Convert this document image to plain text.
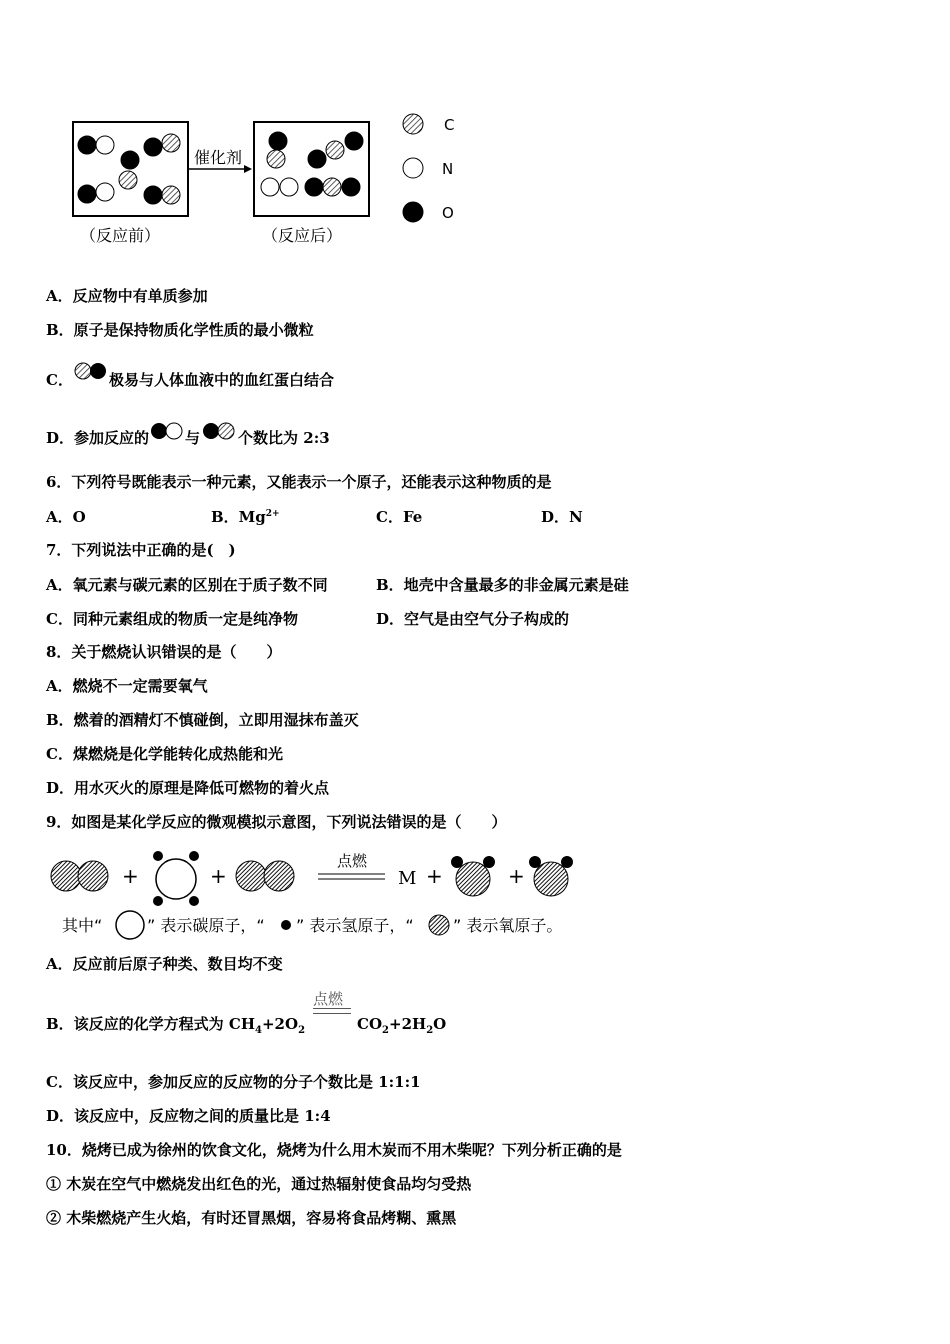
催化剂
（反应前）	（反应后）
C
N
O
A．反应物中有单质参加
B．原子是保持物质化学性质的最小微粒
C． 极易与人体血液中的血红蛋白结合
D．参加反应的 与	个数比为 2:3
6．下列符号既能表示一种元素，又能表示一个原子，还能表示这种物质的是
A．O	B．$Mg^{2+}$	C．Fe	D．N
7．下列说法中正确的是(　)
A．氧元素与碳元素的区别在于质子数不同	B．地壳中含量最多的非金属元素是硅
C．同种元素组成的物质一定是纯净物	D．空气是由空气分子构成的
8．关于燃烧认识错误的是（　　）
A．燃烧不一定需要氧气
B．燃着的酒精灯不慎碰倒，立即用湿抹布盖灭
C．煤燃烧是化学能转化成热能和光
D．用水灭火的原理是降低可燃物的着火点
9．如图是某化学反应的微观模拟示意图，下列说法错误的是（　　）
+	+
点燃
M +	+
其中“	” 表示碳原子，“ ” 表示氢原子，“ ” 表示氧原子。
A．反应前后原子种类、数目均不变
B．该反应的化学方程式为 $CH_4+2O_2$	$CO_2+2H_2O$
点燃
C．该反应中，参加反应的反应物的分子个数比是 1:1:1
D．该反应中，反应物之间的质量比是 1:4
10．烧烤已成为徐州的饮食文化，烧烤为什么用木炭而不用木柴呢？下列分析正确的是
① 木炭在空气中燃烧发出红色的光，通过热辐射使食品均匀受热
② 木柴燃烧产生火焰，有时还冒黑烟，容易将食品烤糊、熏黑
